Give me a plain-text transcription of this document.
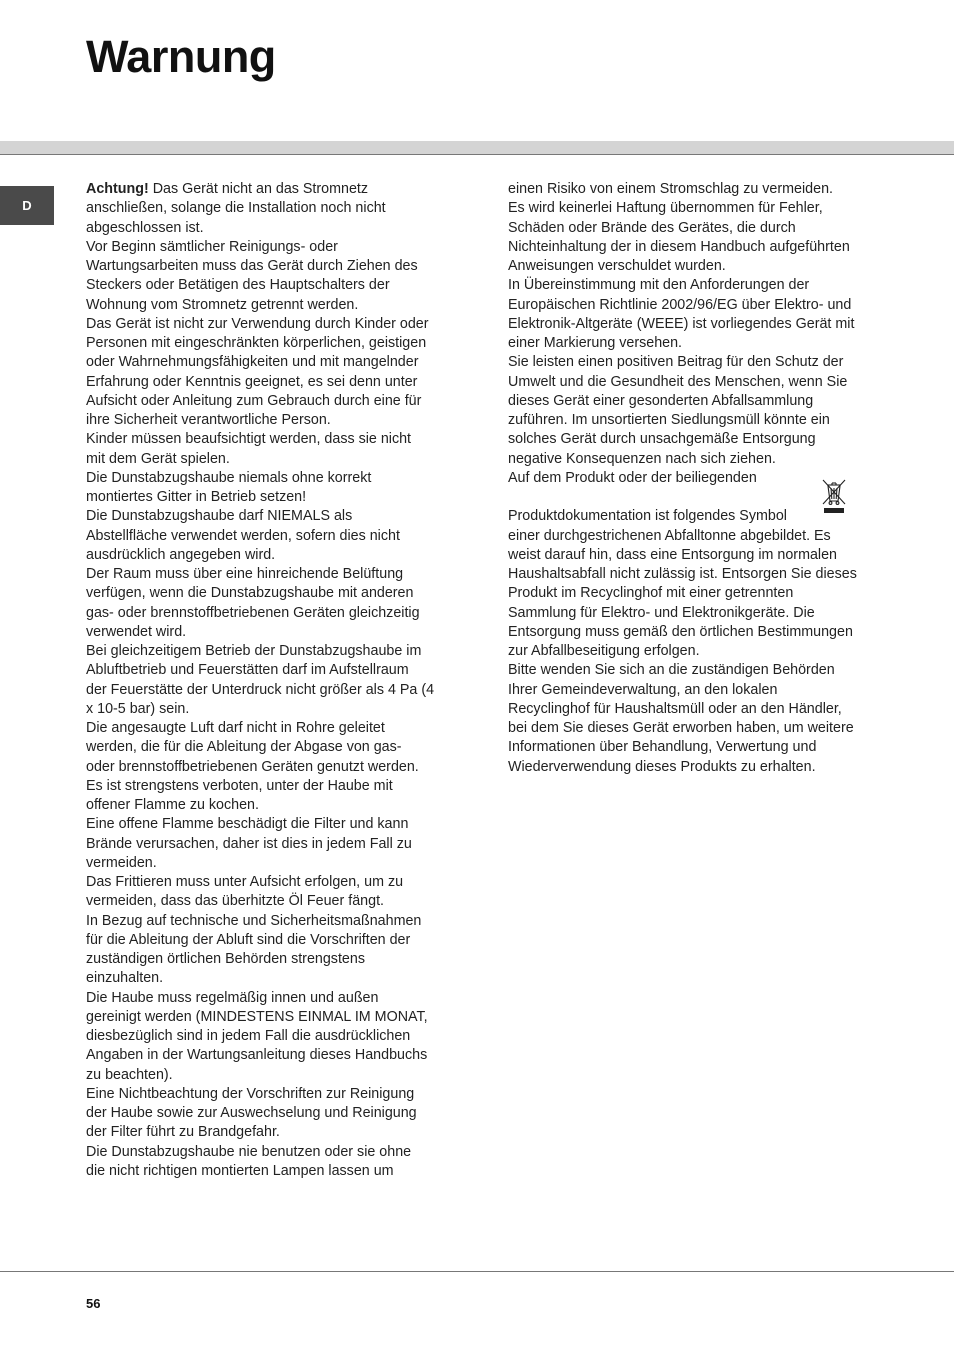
Warnung
D

Achtung! Das Gerät nicht an das Stromnetz

anschließen, solange die Installation noch nicht

abgeschlossen ist.

Vor Beginn sämtlicher Reinigungs- oder

Wartungsarbeiten muss das Gerät durch Ziehen des

Steckers oder Betätigen des Hauptschalters der

Wohnung vom Stromnetz getrennt werden.

Das Gerät ist nicht zur Verwendung durch Kinder oder

Personen mit eingeschränkten körperlichen, geistigen

oder Wahrnehmungsfähigkeiten und mit mangelnder

Erfahrung oder Kenntnis geeignet, es sei denn unter

Aufsicht oder Anleitung zum Gebrauch durch eine für

ihre Sicherheit verantwortliche Person.

Kinder müssen beaufsichtigt werden, dass sie nicht

mit dem Gerät spielen.

Die Dunstabzugshaube niemals ohne korrekt

montiertes Gitter in Betrieb setzen!

Die Dunstabzugshaube darf NIEMALS als

Abstellfläche verwendet werden, sofern dies nicht

ausdrücklich angegeben wird.

Der Raum muss über eine hinreichende Belüftung

verfügen, wenn die Dunstabzugshaube mit anderen

gas- oder brennstoffbetriebenen Geräten gleichzeitig

verwendet wird.

Bei gleichzeitigem Betrieb der Dunstabzugshaube im

Abluftbetrieb und Feuerstätten darf im Aufstellraum

der Feuerstätte der Unterdruck nicht größer als 4 Pa (4

x 10-5 bar) sein.

Die angesaugte Luft darf nicht in Rohre geleitet

werden, die für die Ableitung der Abgase von gas-

oder brennstoffbetriebenen Geräten genutzt werden.

Es ist strengstens verboten, unter der Haube mit

offener Flamme zu kochen.

Eine offene Flamme beschädigt die Filter und kann

Brände verursachen, daher ist dies in jedem Fall zu

vermeiden.

Das Frittieren muss unter Aufsicht erfolgen, um zu

vermeiden, dass das überhitzte Öl Feuer fängt.

In Bezug auf technische und Sicherheitsmaßnahmen

für die Ableitung der Abluft sind die Vorschriften der

zuständigen örtlichen Behörden strengstens

einzuhalten.

Die Haube muss regelmäßig innen und außen

gereinigt werden (MINDESTENS EINMAL IM MONAT,

diesbezüglich sind in jedem Fall die ausdrücklichen

Angaben in der Wartungsanleitung dieses Handbuchs

zu beachten).

Eine Nichtbeachtung der Vorschriften zur Reinigung

der Haube sowie zur Auswechselung und Reinigung

der Filter führt zu Brandgefahr.

Die Dunstabzugshaube nie benutzen oder sie ohne

die nicht richtigen montierten Lampen lassen um

einen Risiko von einem Stromschlag zu vermeiden.

Es wird keinerlei Haftung übernommen für Fehler,

Schäden oder Brände des Gerätes, die durch

Nichteinhaltung der in diesem Handbuch aufgeführten

Anweisungen verschuldet wurden.

In Übereinstimmung mit den Anforderungen der

Europäischen Richtlinie 2002/96/EG über Elektro- und

Elektronik-Altgeräte (WEEE) ist vorliegendes Gerät mit

einer Markierung versehen.

Sie leisten einen positiven Beitrag für den Schutz der

Umwelt und die Gesundheit des Menschen, wenn Sie

dieses Gerät einer gesonderten Abfallsammlung

zuführen. Im unsortierten Siedlungsmüll könnte ein

solches Gerät durch unsachgemäße Entsorgung

negative Konsequenzen nach sich ziehen.

Auf dem Produkt oder der beiliegenden

Produktdokumentation ist folgendes Symbol

einer durchgestrichenen Abfalltonne abgebildet. Es

weist darauf hin, dass eine Entsorgung im normalen

Haushaltsabfall nicht zulässig ist. Entsorgen Sie dieses

Produkt im Recyclinghof mit einer getrennten

Sammlung für Elektro- und Elektronikgeräte. Die

Entsorgung muss gemäß den örtlichen Bestimmungen

zur Abfallbeseitigung erfolgen.

Bitte wenden Sie sich an die zuständigen Behörden

Ihrer Gemeindeverwaltung, an den lokalen

Recyclinghof für Haushaltsmüll oder an den Händler,

bei dem Sie dieses Gerät erworben haben, um weitere

Informationen über Behandlung, Verwertung und

Wiederverwendung dieses Produkts zu erhalten.

56
